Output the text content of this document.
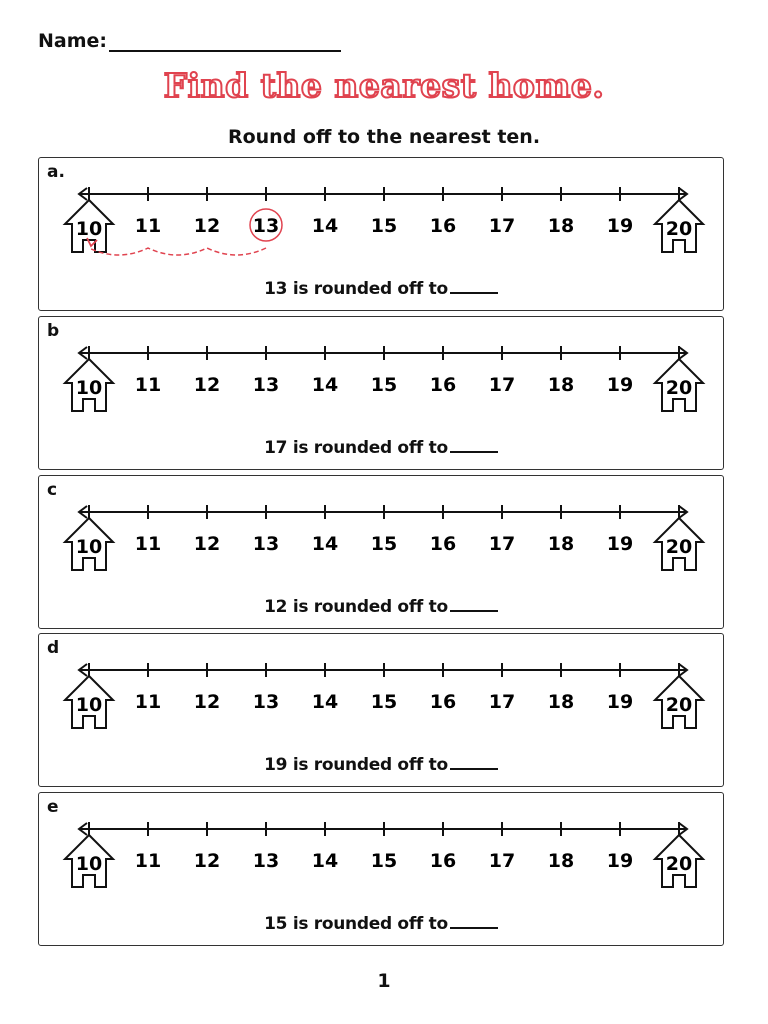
Name:
Find the nearest home.
Round off to the nearest ten.
a.
10 11 12 13 14 15 16 17 18 19 20
13 is rounded off to
b
10 11 12 13 14 15 16 17 18 19 20
17 is rounded off to
c
10 11 12 13 14 15 16 17 18 19 20
12 is rounded off to
d
10 11 12 13 14 15 16 17 18 19 20
19 is rounded off to
e
10 11 12 13 14 15 16 17 18 19 20
15 is rounded off to
1
